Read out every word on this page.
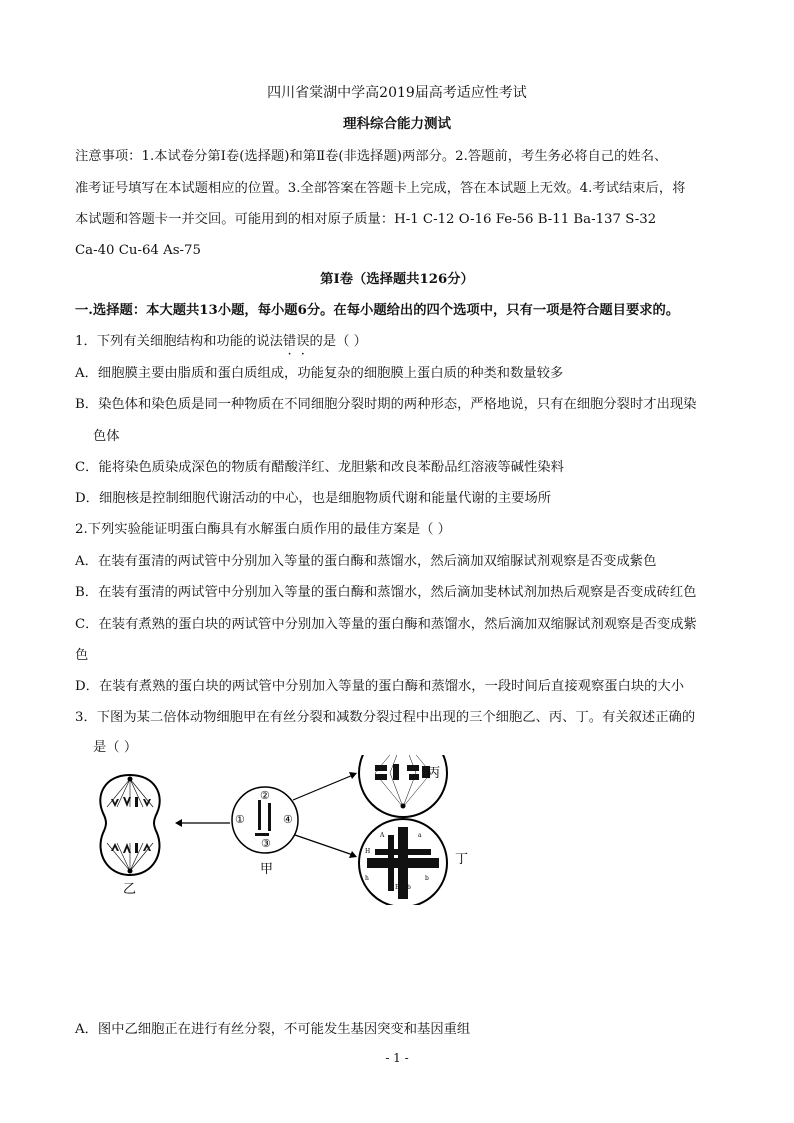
四川省棠湖中学高2019届高考适应性考试
理科综合能力测试
注意事项：1.本试卷分第Ⅰ卷(选择题)和第Ⅱ卷(非选择题)两部分。2.答题前，考生务必将自己的姓名、
准考证号填写在本试题相应的位置。3.全部答案在答题卡上完成，答在本试题上无效。4.考试结束后，将
本试题和答题卡一并交回。可能用到的相对原子质量：H-1 C-12 O-16 Fe-56 B-11 Ba-137 S-32
Ca-40 Cu-64 As-75
第Ⅰ卷（选择题共126分）
一.选择题：本大题共13小题，每小题6分。在每小题给出的四个选项中，只有一项是符合题目要求的。
1．下列有关细胞结构和功能的说法错误的是（ ）
A．细胞膜主要由脂质和蛋白质组成，功能复杂的细胞膜上蛋白质的种类和数量较多
B．染色体和染色质是同一种物质在不同细胞分裂时期的两种形态，严格地说，只有在细胞分裂时才出现染
色体
C．能将染色质染成深色的物质有醋酸洋红、龙胆紫和改良苯酚品红溶液等碱性染料
D．细胞核是控制细胞代谢活动的中心，也是细胞物质代谢和能量代谢的主要场所
2.下列实验能证明蛋白酶具有水解蛋白质作用的最佳方案是（ ）
A．在装有蛋清的两试管中分别加入等量的蛋白酶和蒸馏水，然后滴加双缩脲试剂观察是否变成紫色
B．在装有蛋清的两试管中分别加入等量的蛋白酶和蒸馏水，然后滴加斐林试剂加热后观察是否变成砖红色
C．在装有煮熟的蛋白块的两试管中分别加入等量的蛋白酶和蒸馏水，然后滴加双缩脲试剂观察是否变成紫
色
D．在装有煮熟的蛋白块的两试管中分别加入等量的蛋白酶和蒸馏水，一段时间后直接观察蛋白块的大小
3．下图为某二倍体动物细胞甲在有丝分裂和减数分裂过程中出现的三个细胞乙、丙、丁。有关叙述正确的
是（ ）
乙
②
①	④
③
甲
丙
A	a
H
h
B b
b
丁
A．图中乙细胞正在进行有丝分裂，不可能发生基因突变和基因重组
- 1 -
